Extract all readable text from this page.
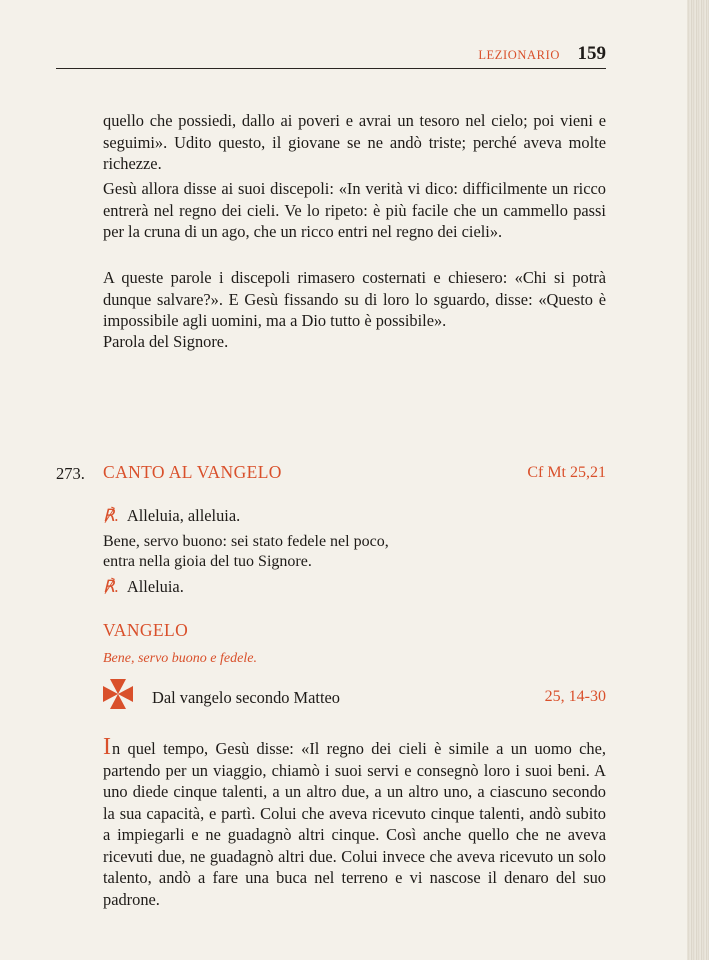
LEZIONARIO 159

quello che possiedi, dallo ai poveri e avrai un tesoro nel cielo; poi vieni e seguimi». Udito questo, il giovane se ne andò triste; perché aveva molte richezze.

Gesù allora disse ai suoi discepoli: «In verità vi dico: difficilmente un ricco entrerà nel regno dei cieli. Ve lo ripeto: è più facile che un cammello passi per la cruna di un ago, che un ricco entri nel regno dei cieli».

A queste parole i discepoli rimasero costernati e chiesero: «Chi si potrà dunque salvare?». E Gesù fissando su di loro lo sguardo, disse: «Questo è impossibile agli uomini, ma a Dio tutto è possibile».

Parola del Signore.

273. CANTO AL VANGELO	Cf Mt 25,21
℟. Alleluia, alleluia.
Bene, servo buono: sei stato fedele nel poco,
entra nella gioia del tuo Signore.
℟. Alleluia.
VANGELO
Bene, servo buono e fedele.
Dal vangelo secondo Matteo	25, 14-30

In quel tempo, Gesù disse: «Il regno dei cieli è simile a un uomo che, partendo per un viaggio, chiamò i suoi servi e consegnò loro i suoi beni. A uno diede cinque talenti, a un altro due, a un altro uno, a ciascuno secondo la sua capacità, e partì. Colui che aveva ricevuto cinque talenti, andò subito a impiegarli e ne guadagnò altri cinque. Così anche quello che ne aveva ricevuti due, ne guadagnò altri due. Colui invece che aveva ricevuto un solo talento, andò a fare una buca nel terreno e vi nascose il denaro del suo padrone.
